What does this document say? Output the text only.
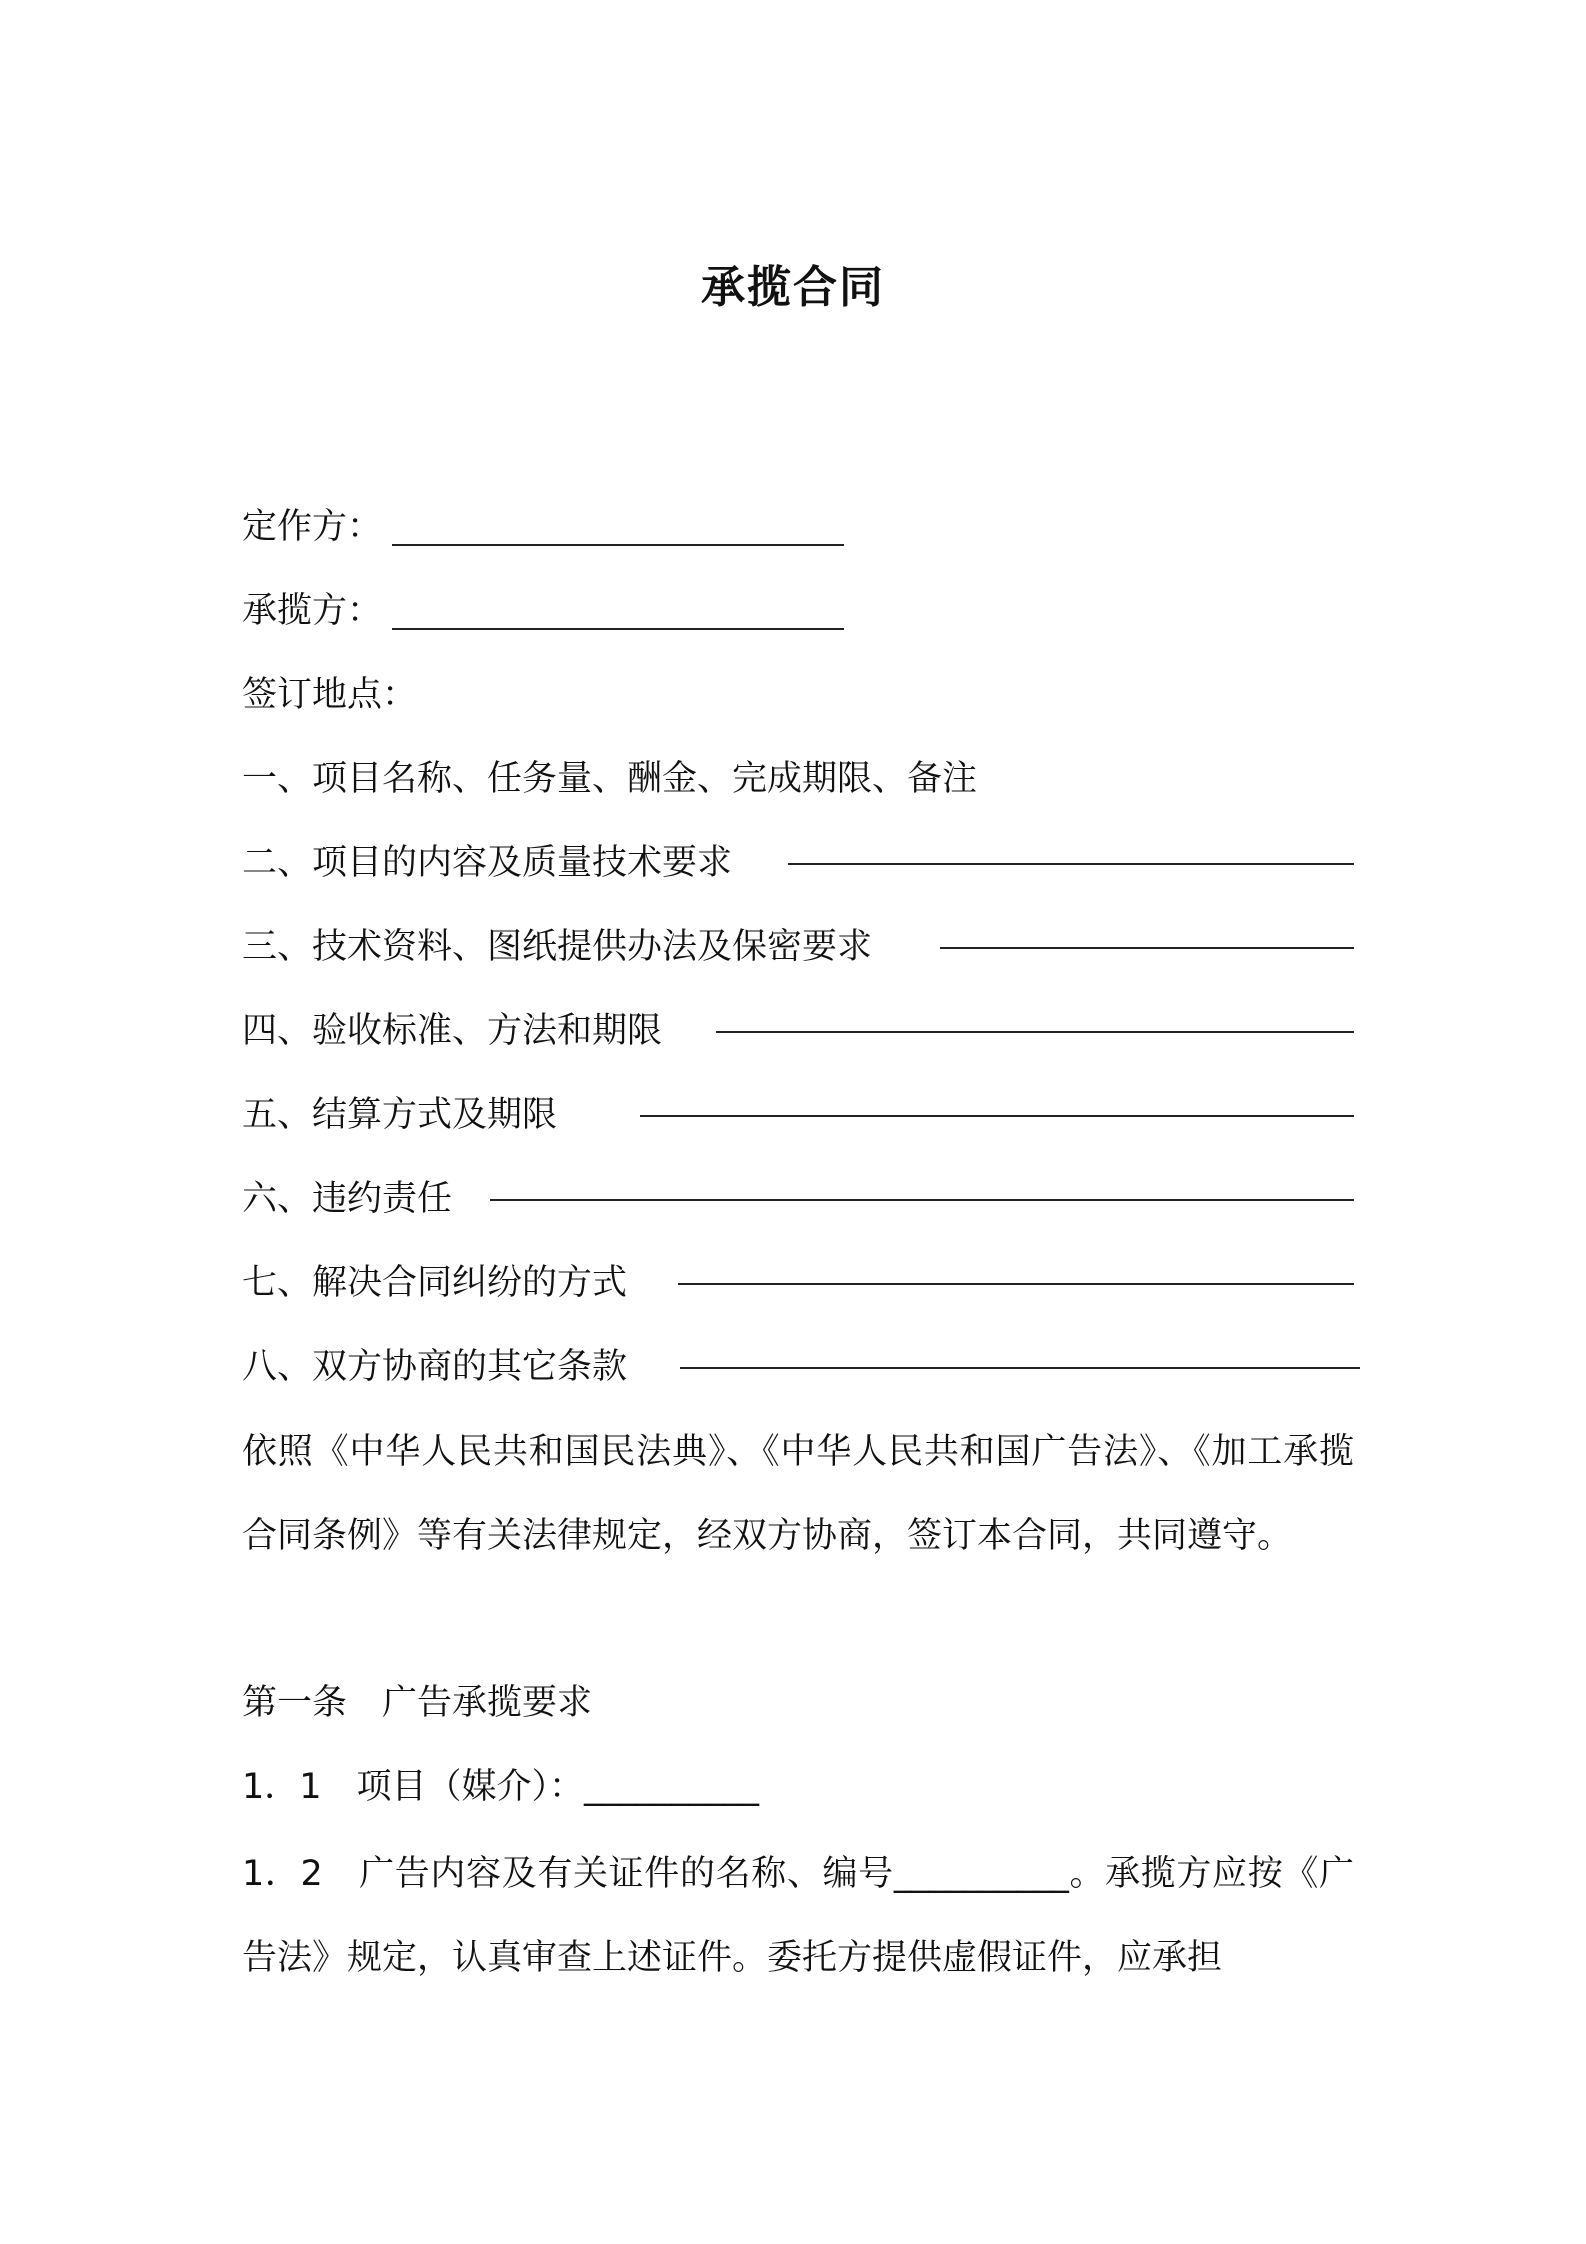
承揽合同
定作方：
承揽方：
签订地点：
一、项目名称、任务量、酬金、完成期限、备注
二、项目的内容及质量技术要求
三、技术资料、图纸提供办法及保密要求
四、验收标准、方法和期限
五、结算方式及期限
六、违约责任
七、解决合同纠纷的方式
八、双方协商的其它条款
依照《中华人民共和国民法典》、《中华人民共和国广告法》、《加工承揽合同条例》等有关法律规定，经双方协商，签订本合同，共同遵守。
第一条　广告承揽要求
1．1　项目（媒介）：__________
1．2　广告内容及有关证件的名称、编号__________。承揽方应按《广告法》规定，认真审查上述证件。委托方提供虚假证件，应承担
